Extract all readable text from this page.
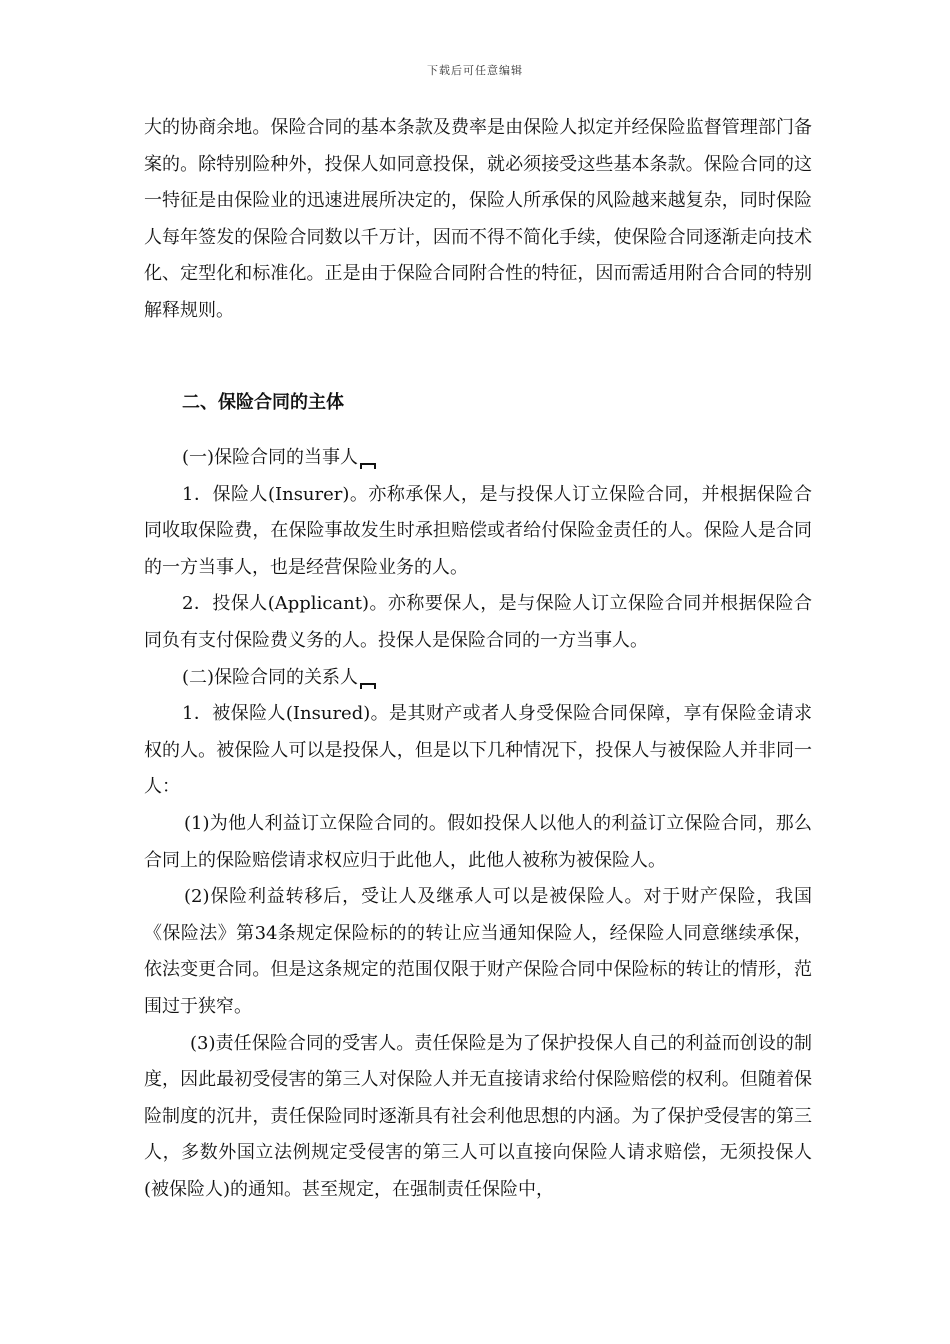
下载后可任意编辑

大的协商余地。保险合同的基本条款及费率是由保险人拟定并经保险监督管理部门备案的。除特别险种外，投保人如同意投保，就必须接受这些基本条款。保险合同的这一特征是由保险业的迅速进展所决定的，保险人所承保的风险越来越复杂，同时保险人每年签发的保险合同数以千万计，因而不得不简化手续，使保险合同逐渐走向技术化、定型化和标准化。正是由于保险合同附合性的特征，因而需适用附合合同的特别解释规则。

二、保险合同的主体

(一)保险合同的当事人

1．保险人(Insurer)。亦称承保人，是与投保人订立保险合同，并根据保险合同收取保险费，在保险事故发生时承担赔偿或者给付保险金责任的人。保险人是合同的一方当事人，也是经营保险业务的人。

2．投保人(Applicant)。亦称要保人，是与保险人订立保险合同并根据保险合同负有支付保险费义务的人。投保人是保险合同的一方当事人。

(二)保险合同的关系人

1．被保险人(Insured)。是其财产或者人身受保险合同保障，享有保险金请求权的人。被保险人可以是投保人，但是以下几种情况下，投保人与被保险人并非同一人：

(1)为他人利益订立保险合同的。假如投保人以他人的利益订立保险合同，那么合同上的保险赔偿请求权应归于此他人，此他人被称为被保险人。

(2)保险利益转移后，受让人及继承人可以是被保险人。对于财产保险，我国《保险法》第34条规定保险标的的转让应当通知保险人，经保险人同意继续承保，依法变更合同。但是这条规定的范围仅限于财产保险合同中保险标的转让的情形，范围过于狭窄。

(3)责任保险合同的受害人。责任保险是为了保护投保人自己的利益而创设的制度，因此最初受侵害的第三人对保险人并无直接请求给付保险赔偿的权利。但随着保险制度的沉井，责任保险同时逐渐具有社会利他思想的内涵。为了保护受侵害的第三人，多数外国立法例规定受侵害的第三人可以直接向保险人请求赔偿，无须投保人(被保险人)的通知。甚至规定，在强制责任保险中，
